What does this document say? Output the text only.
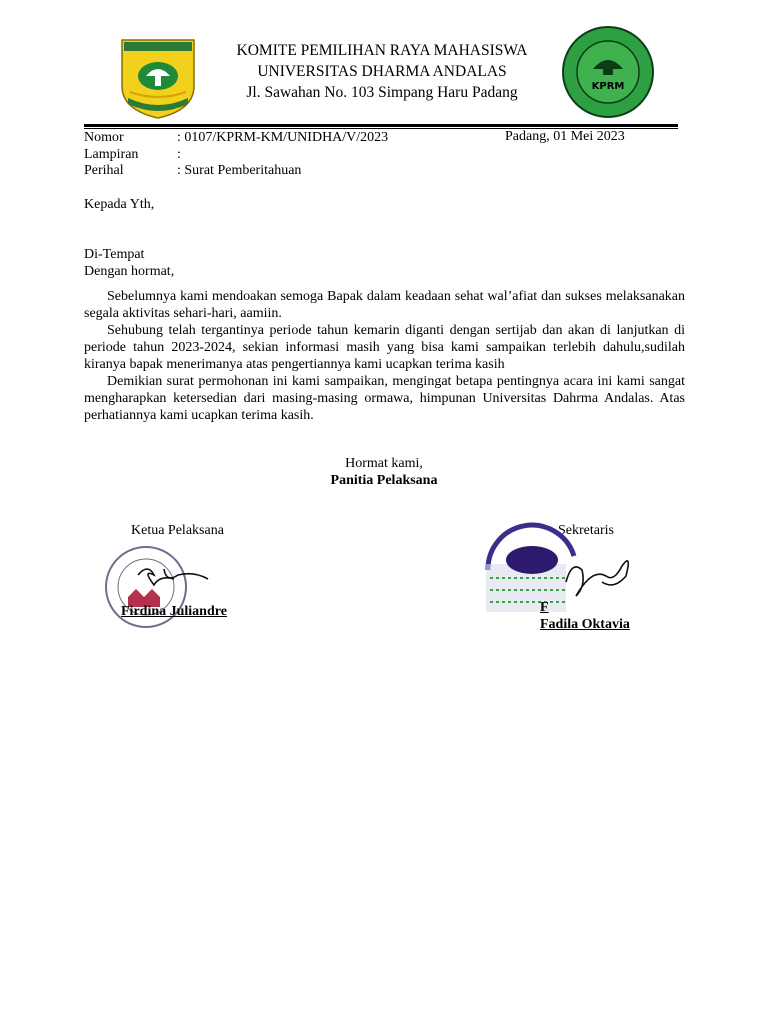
KPRM
KOMITE PEMILIHAN RAYA MAHASISWA
UNIVERSITAS DHARMA ANDALAS
Jl. Sawahan No. 103 Simpang Haru Padang
Nomor	: 0107/KPRM-KM/UNIDHA/V/2023	Padang, 01 Mei 2023
Lampiran	:
Perihal	: Surat Pemberitahuan
Kepada Yth,
Di-Tempat
Dengan hormat,

Sebelumnya kami mendoakan semoga Bapak dalam keadaan sehat wal’afiat dan sukses melaksanakan segala aktivitas sehari-hari, aamiin.

Sehubung telah tergantinya periode tahun kemarin diganti dengan sertijab dan akan di lanjutkan di periode tahun 2023-2024, sekian informasi masih yang bisa kami sampaikan terlebih dahulu,sudilah kiranya bapak menerimanya atas pengertiannya kami ucapkan terima kasih

Demikian surat permohonan ini kami sampaikan, mengingat betapa pentingnya acara ini kami sangat mengharapkan ketersedian dari masing-masing ormawa, himpunan Universitas Dahrma Andalas. Atas perhatiannya kami ucapkan terima kasih.

Hormat kami,
Panitia Pelaksana
Ketua Pelaksana
Firdina Juliandre
Sekretaris
F
Fadila Oktavia
